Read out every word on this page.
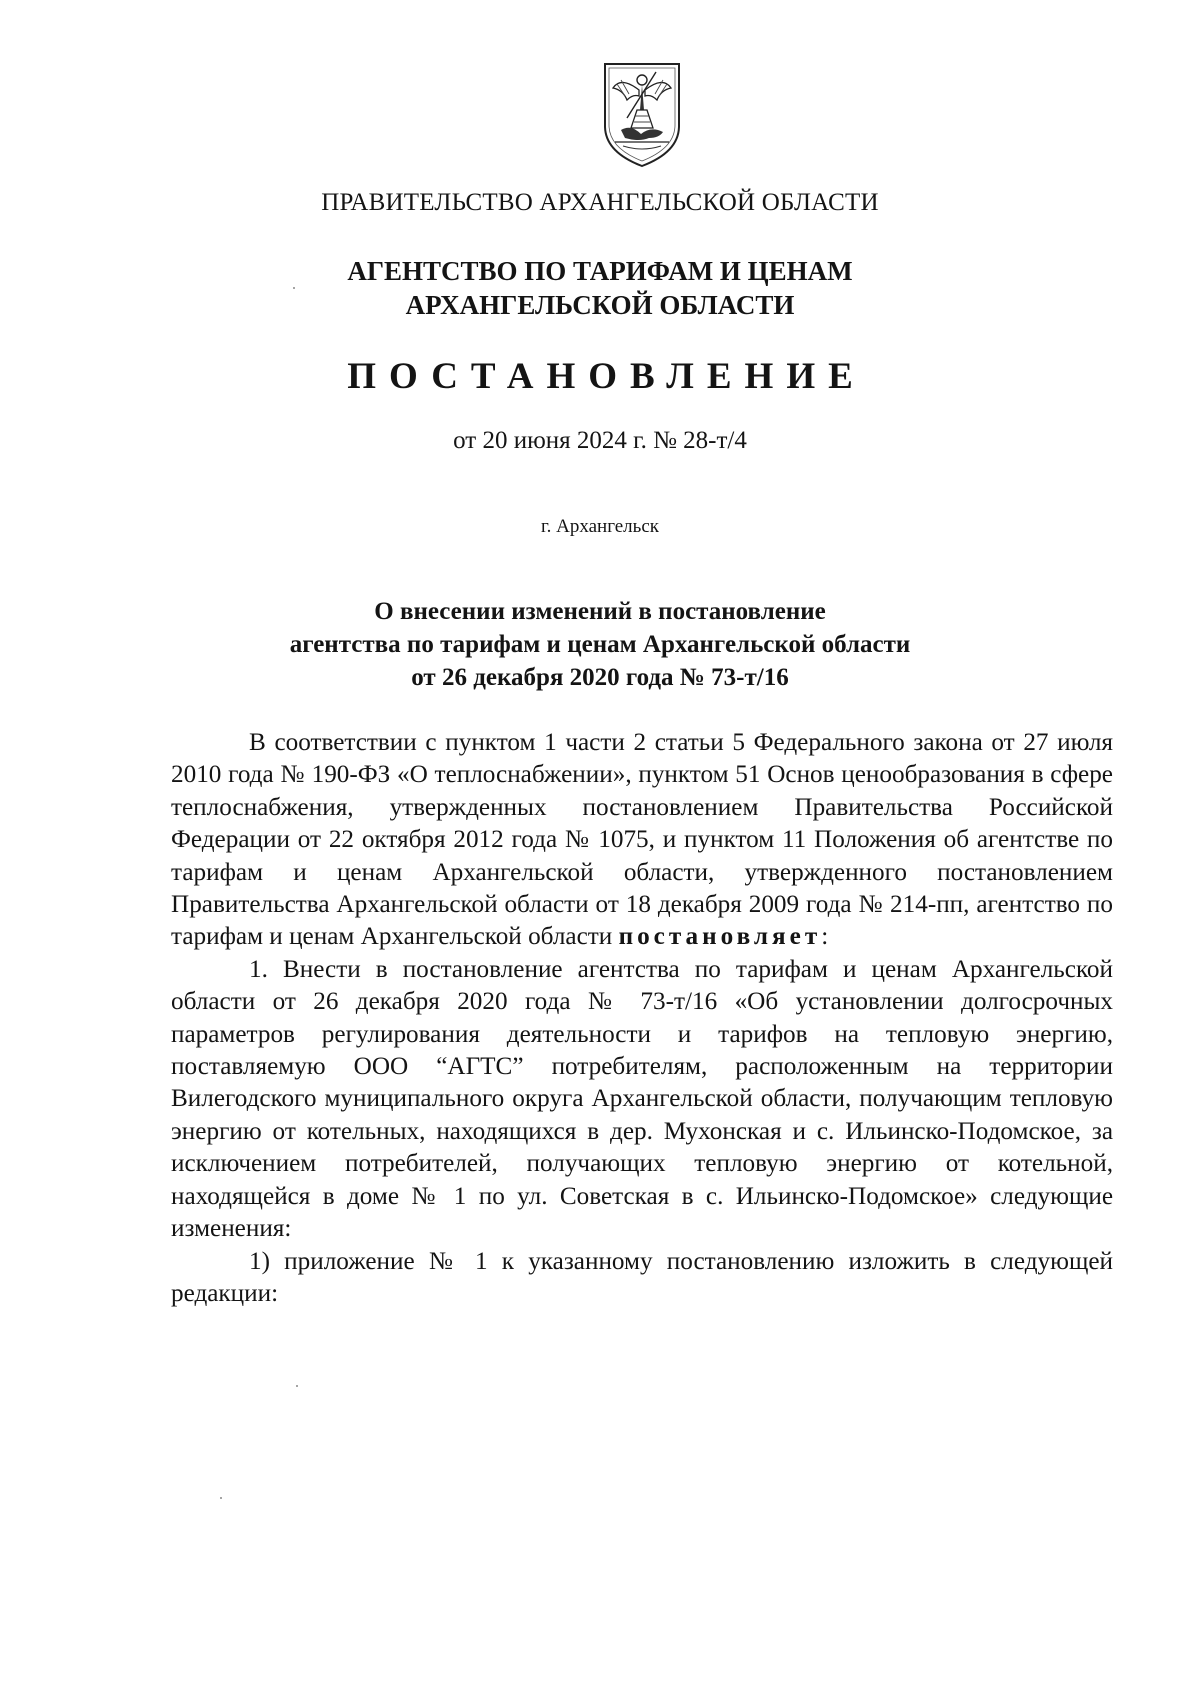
ПРАВИТЕЛЬСТВО АРХАНГЕЛЬСКОЙ ОБЛАСТИ
АГЕНТСТВО ПО ТАРИФАМ И ЦЕНАМ
АРХАНГЕЛЬСКОЙ ОБЛАСТИ
ПОСТАНОВЛЕНИЕ
от 20 июня 2024 г. № 28-т/4
г. Архангельск
О внесении изменений в постановление
агентства по тарифам и ценам Архангельской области
от 26 декабря 2020 года № 73-т/16

В соответствии с пунктом 1 части 2 статьи 5 Федерального закона от 27 июля 2010 года № 190-ФЗ «О теплоснабжении», пунктом 51 Основ ценообразования в сфере теплоснабжения, утвержденных постановлением Правительства Российской Федерации от 22 октября 2012 года № 1075, и пунктом 11 Положения об агентстве по тарифам и ценам Архангельской области, утвержденного постановлением Правительства Архангельской области от 18 декабря 2009 года № 214-пп, агентство по тарифам и ценам Архангельской области постановляет:

1. Внести в постановление агентства по тарифам и ценам Архангельской области от 26 декабря 2020 года № 73-т/16 «Об установлении долгосрочных параметров регулирования деятельности и тарифов на тепловую энергию, поставляемую ООО “АГТС” потребителям, расположенным на территории Вилегодского муниципального округа Архангельской области, получающим тепловую энергию от котельных, находящихся в дер. Мухонская и с. Ильинско-Подомское, за исключением потребителей, получающих тепловую энергию от котельной, находящейся в доме № 1 по ул. Советская в с. Ильинско-Подомское» следующие изменения:

1) приложение № 1 к указанному постановлению изложить в следующей редакции:
